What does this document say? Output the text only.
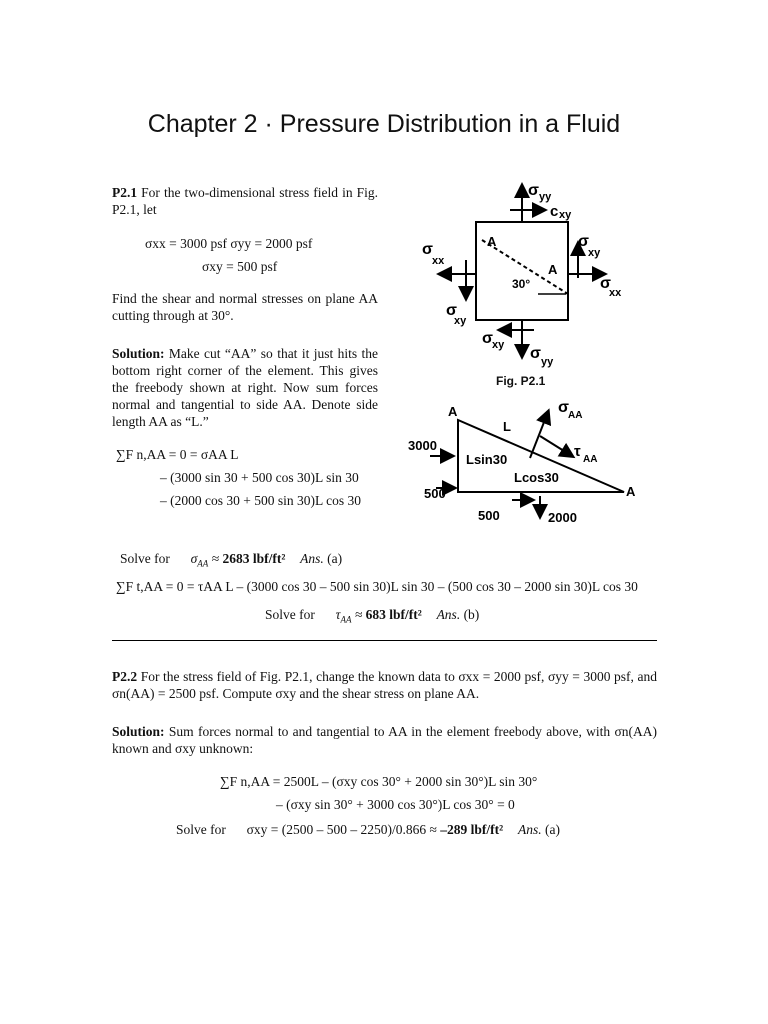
Chapter 2 · Pressure Distribution in a Fluid
P2.1 For the two-dimensional stress field in Fig. P2.1, let
σxx = 3000 psf σyy = 2000 psf
σxy = 500 psf
Find the shear and normal stresses on plane AA cutting through at 30°.
Solution: Make cut “AA” so that it just hits the bottom right corner of the element. This gives the freebody shown at right. Now sum forces normal and tangential to side AA. Denote side length AA as “L.”
∑F n,AA = 0 = σAA L
– (3000 sin 30 + 500 cos 30)L sin 30
– (2000 cos 30 + 500 sin 30)L cos 30
Solve for $\sigma_{AA} \approx 2683$ lbf/ft² Ans. (a)
∑F t,AA = 0 = τAA L – (3000 cos 30 – 500 sin 30)L sin 30 – (500 cos 30 – 2000 sin 30)L cos 30
Solve for $\tau_{AA} \approx 683$ lbf/ft² Ans. (b)
σ yy
ϲ xy
σ
xx
σ
xy
σ
xy
σ
xx
σ xy σ yy
A
A
30°
Fig. P2.1
A
L
σ AA
τ AA
3000
500
500	2000
Lsin30
Lcos30
A
P2.2 For the stress field of Fig. P2.1, change the known data to σxx = 2000 psf, σyy = 3000 psf, and σn(AA) = 2500 psf. Compute σxy and the shear stress on plane AA.
Solution: Sum forces normal to and tangential to AA in the element freebody above, with σn(AA) known and σxy unknown:
∑F n,AA = 2500L – (σxy cos 30° + 2000 sin 30°)L sin 30°
– (σxy sin 30° + 3000 cos 30°)L cos 30° = 0
Solve for σxy = (2500 – 500 – 2250)/0.866 ≈ –289 lbf/ft² Ans. (a)
